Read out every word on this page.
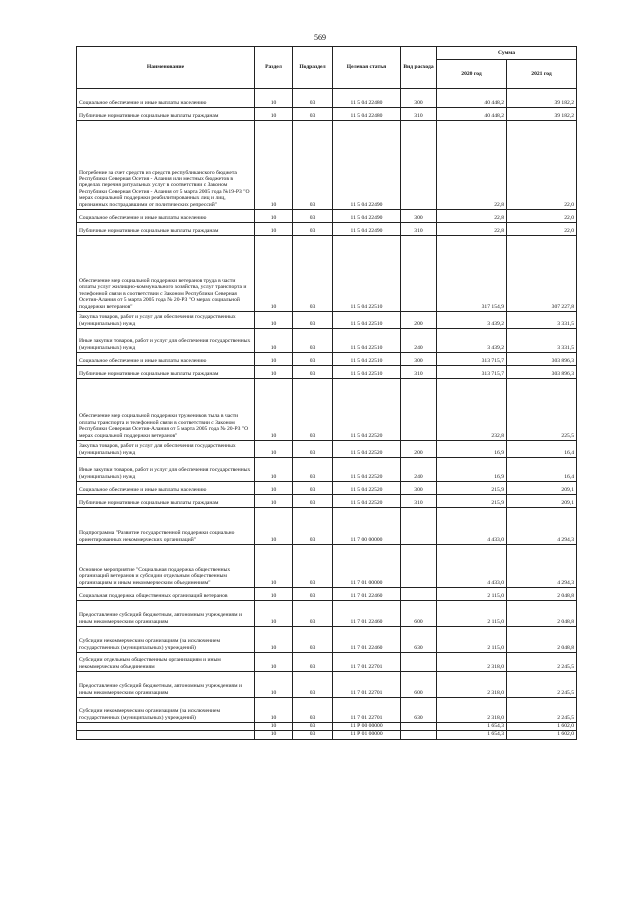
569
Наименование	Раздел	Подраздел	Целевая статья	Вид расхода	Сумма	
					2020 год	2021 год
Социальное обеспечение и иные выплаты населению	10	03	11 5 04 22480	300	40 448,2	39 182,2
Публичные нормативные социальные выплаты гражданам	10	03	11 5 04 22480	310	40 448,2	39 182,2
Погребение за счет средств из средств республиканского бюджета Республики Северная Осетия - Алания или местных бюджетов в пределах перечня ритуальных услуг в соответствии с Законом Республики Северная Осетия - Алания от 5 марта 2005 года №19-РЗ "О мерах социальной поддержки реабилитированных лиц и лиц, признанных пострадавшими от политических репрессий"	10	03	11 5 04 22490		22,8	22,0
Социальное обеспечение и иные выплаты населению	10	03	11 5 04 22490	300	22,8	22,0
Публичные нормативные социальные выплаты гражданам	10	03	11 5 04 22490	310	22,8	22,0
Обеспечение мер социальной поддержки ветеранов труда в части оплаты услуг жилищно-коммунального хозяйства, услуг транспорта и телефонной связи в соответствии с Законом Республики Северная Осетия-Алания от 5 марта 2005 года № 20-РЗ "О мерах социальной поддержки ветеранов"	10	03	11 5 04 22510		317 154,9	307 227,8
Закупка товаров, работ и услуг для обеспечения государственных (муниципальных) нужд	10	03	11 5 04 22510	200	3 439,2	3 331,5
Иные закупки товаров, работ и услуг для обеспечения государственных (муниципальных) нужд	10	03	11 5 04 22510	240	3 439,2	3 331,5
Социальное обеспечение и иные выплаты населению	10	03	11 5 04 22510	300	313 715,7	303 896,3
Публичные нормативные социальные выплаты гражданам	10	03	11 5 04 22510	310	313 715,7	303 896,3
Обеспечение мер социальной поддержки тружеников тыла в части оплаты транспорта и телефонной связи в соответствии с Законом Республики Северная Осетия-Алания от 5 марта 2005 года № 20-РЗ "О мерах социальной поддержки ветеранов"	10	03	11 5 04 22520		232,8	225,5
Закупка товаров, работ и услуг для обеспечения государственных (муниципальных) нужд	10	03	11 5 04 22520	200	16,9	16,4
Иные закупки товаров, работ и услуг для обеспечения государственных (муниципальных) нужд	10	03	11 5 04 22520	240	16,9	16,4
Социальное обеспечение и иные выплаты населению	10	03	11 5 04 22520	300	215,9	209,1
Публичные нормативные социальные выплаты гражданам	10	03	11 5 04 22520	310	215,9	209,1
Подпрограмма "Развитие государственной поддержки социально ориентированных некоммерческих организаций"	10	03	11 7 00 00000		4 433,0	4 294,3
Основное мероприятие "Социальная поддержка общественных организаций ветеранов и субсидии отдельным общественным организациям и иным некоммерческим объединениям"	10	03	11 7 01 00000		4 433,0	4 294,3
Социальная поддержка общественных организаций ветеранов	10	03	11 7 01 22460		2 115,0	2 048,8
Предоставление субсидий бюджетным, автономным учреждениям и иным некоммерческим организациям	10	03	11 7 01 22460	600	2 115,0	2 048,8
Субсидии некоммерческим организациям (за исключением государственных (муниципальных) учреждений)	10	03	11 7 01 22460	630	2 115,0	2 048,8
Субсидии отдельным общественным организациям и иным некоммерческим объединениям	10	03	11 7 01 22701		2 318,0	2 245,5
Предоставление субсидий бюджетным, автономным учреждениям и иным некоммерческим организациям	10	03	11 7 01 22701	600	2 318,0	2 245,5
Субсидии некоммерческим организациям (за исключением государственных (муниципальных) учреждений)	10	03	11 7 01 22701	630	2 318,0	2 245,5
	10	03	11 Р 00 00000		1 654,3	1 602,0
	10	03	11 Р 01 00000		1 654,3	1 602,0
